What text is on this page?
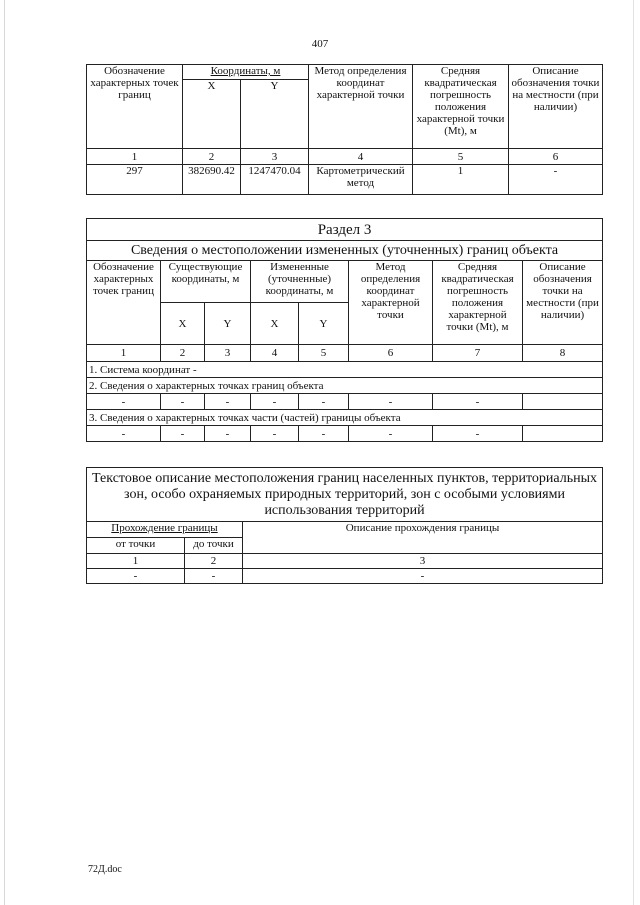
407
Обозначение характерных точек границ	Координаты, м		Метод определения координат характерной точки	Средняя квадратическая погрешность положения характерной точки (Mt), м	Описание обозначения точки на местности (при наличии)
	X	Y			
1	2	3	4	5	6
297	382690.42	1247470.04	Картометрический метод	1	-
Раздел 3							
Сведения о местоположении измененных (уточненных) границ объекта							
Обозначение характерных точек границ	Существующие координаты, м		Измененные (уточненные) координаты, м		Метод определения координат характерной точки	Средняя квадратическая погрешность положения характерной точки (Mt), м	Описание обозначения точки на местности (при наличии)
	X	Y	X	Y			
1	2	3	4	5	6	7	8
1. Система координат -							
2. Сведения о характерных точках границ объекта							
-	-	-	-	-	-	-	
3. Сведения о характерных точках части (частей) границы объекта							
-	-	-	-	-	-	-	
Текстовое описание местоположения границ населенных пунктов, территориальных зон, особо охраняемых природных территорий, зон с особыми условиями использования территорий		
Прохождение границы		Описание прохождения границы
от точки	до точки	
1	2	3
-	-	-
72Д.doc
